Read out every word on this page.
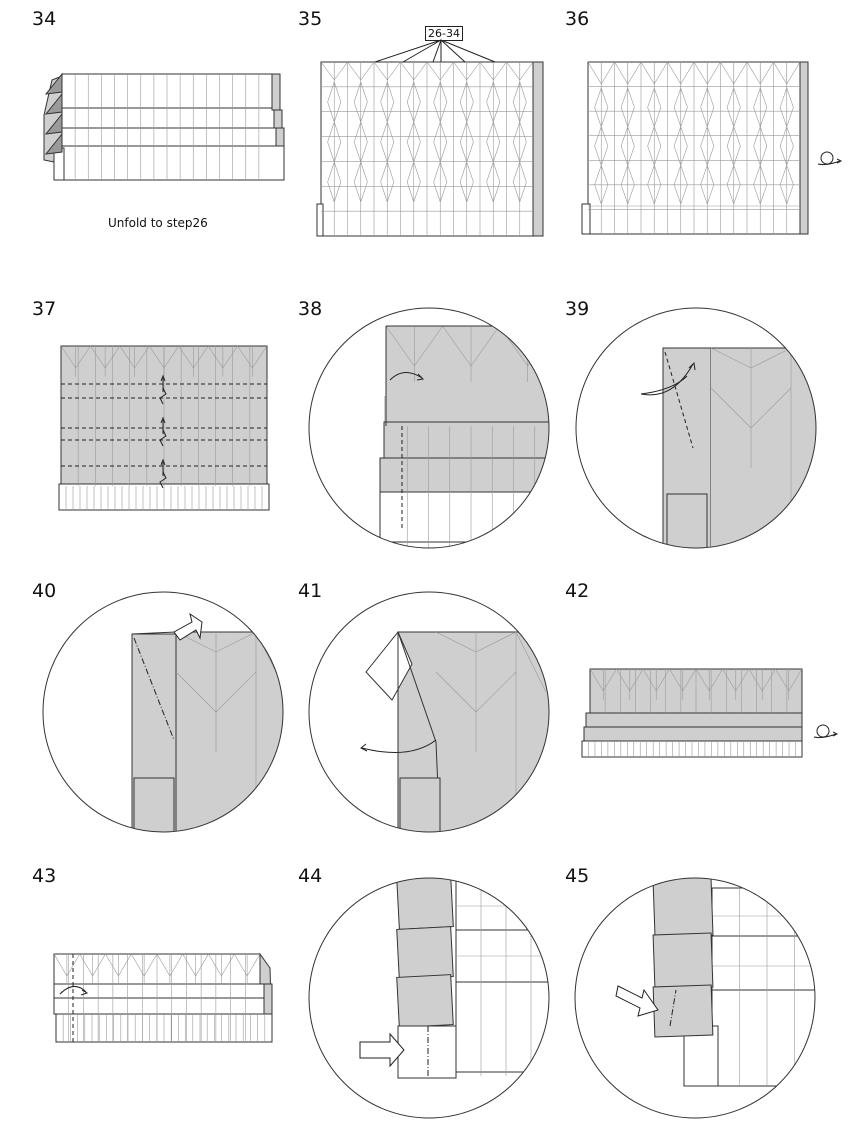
34	35	36
37	38	39
40	41	42
43	44	45
Unfold to step26
26-34
